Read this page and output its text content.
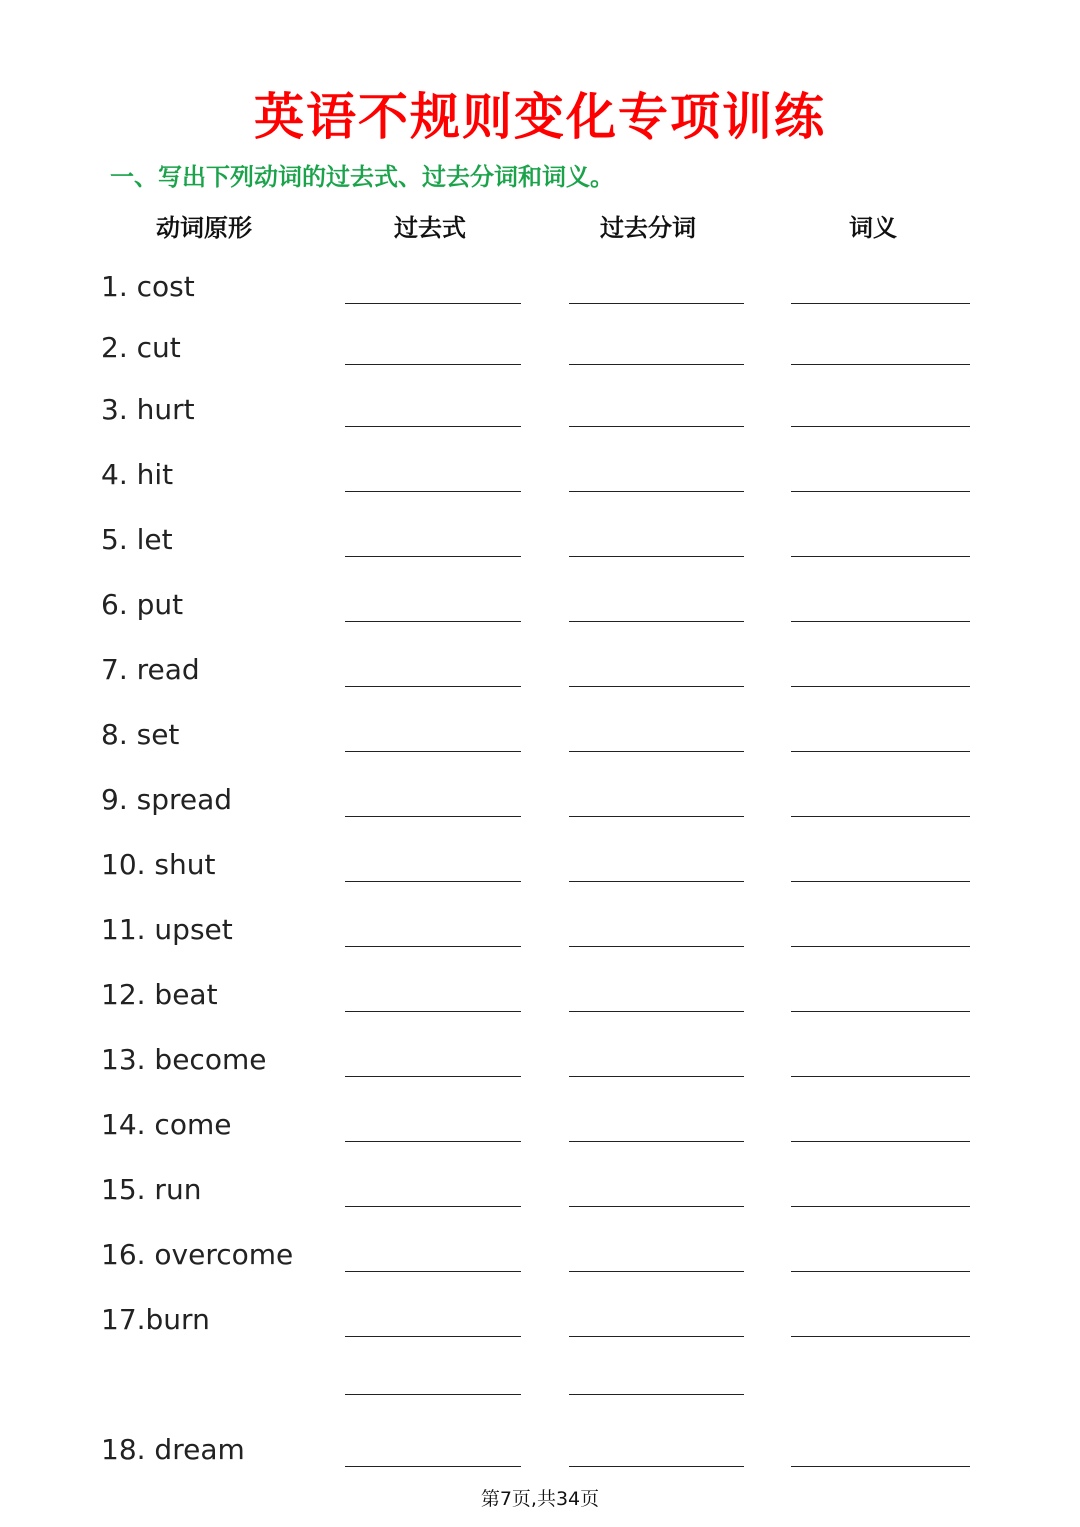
英语不规则变化专项训练
一、写出下列动词的过去式、过去分词和词义。
动词原形	过去式	过去分词	词义
1. cost
2. cut
3. hurt
4. hit
5. let
6. put
7. read
8. set
9. spread
10. shut
11. upset
12. beat
13. become
14. come
15. run
16. overcome
17.burn
18. dream
第7页,共34页
